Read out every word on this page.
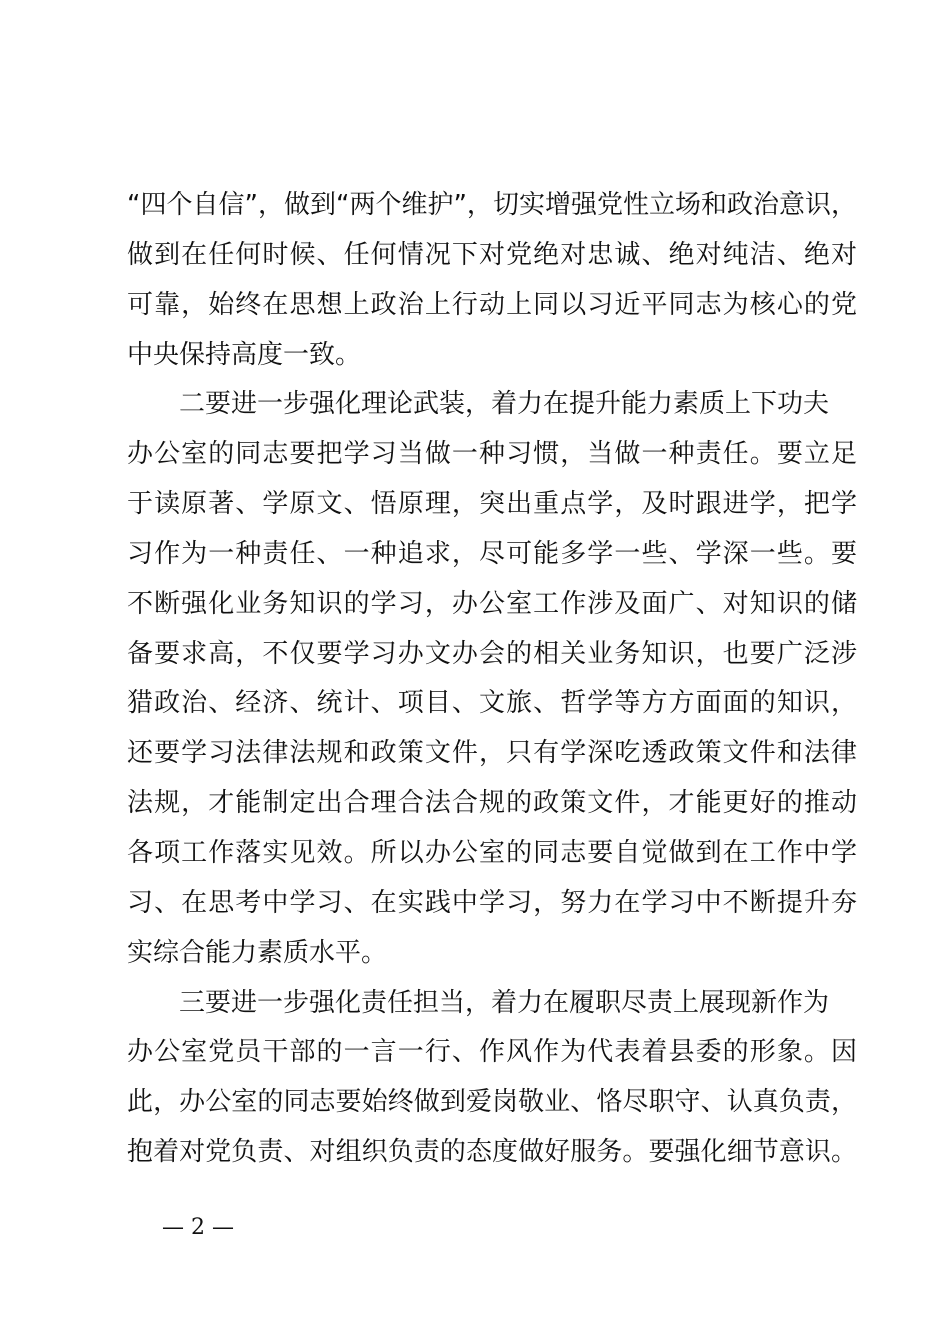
“四个自信”，做到“两个维护”，切实增强党性立场和政治意识，
做到在任何时候、任何情况下对党绝对忠诚、绝对纯洁、绝对
可靠，始终在思想上政治上行动上同以习近平同志为核心的党
中央保持高度一致。
二要进一步强化理论武装，着力在提升能力素质上下功夫
办公室的同志要把学习当做一种习惯，当做一种责任。要立足
于读原著、学原文、悟原理，突出重点学，及时跟进学，把学
习作为一种责任、一种追求，尽可能多学一些、学深一些。要
不断强化业务知识的学习，办公室工作涉及面广、对知识的储
备要求高，不仅要学习办文办会的相关业务知识，也要广泛涉
猎政治、经济、统计、项目、文旅、哲学等方方面面的知识，
还要学习法律法规和政策文件，只有学深吃透政策文件和法律
法规，才能制定出合理合法合规的政策文件，才能更好的推动
各项工作落实见效。所以办公室的同志要自觉做到在工作中学
习、在思考中学习、在实践中学习，努力在学习中不断提升夯
实综合能力素质水平。
三要进一步强化责任担当，着力在履职尽责上展现新作为
办公室党员干部的一言一行、作风作为代表着县委的形象。因
此，办公室的同志要始终做到爱岗敬业、恪尽职守、认真负责，
抱着对党负责、对组织负责的态度做好服务。要强化细节意识。
— 2 —
